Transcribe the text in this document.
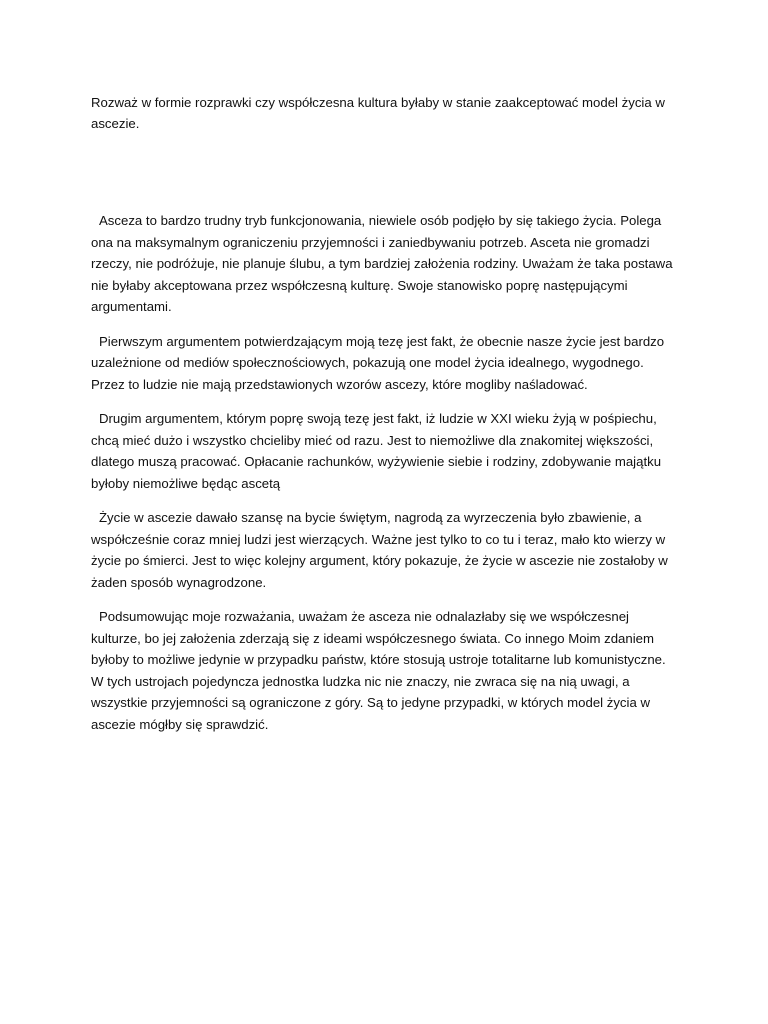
Rozważ w formie rozprawki czy współczesna kultura byłaby w stanie zaakceptować model życia w ascezie.

Asceza to bardzo trudny tryb funkcjonowania, niewiele osób podjęło by się takiego życia. Polega ona na maksymalnym ograniczeniu przyjemności i zaniedbywaniu potrzeb. Asceta nie gromadzi rzeczy, nie podróżuje, nie planuje ślubu, a tym bardziej założenia rodziny. Uważam że taka postawa nie byłaby akceptowana przez współczesną kulturę. Swoje stanowisko poprę następującymi argumentami.

Pierwszym argumentem potwierdzającym moją tezę jest fakt, że obecnie nasze życie jest bardzo uzależnione od mediów społecznościowych, pokazują one model życia idealnego, wygodnego. Przez to ludzie nie mają przedstawionych wzorów ascezy, które mogliby naśladować.

Drugim argumentem, którym poprę swoją tezę jest fakt, iż ludzie w XXI wieku żyją w pośpiechu, chcą mieć dużo i wszystko chcieliby mieć od razu. Jest to niemożliwe dla znakomitej większości, dlatego muszą pracować. Opłacanie rachunków, wyżywienie siebie i rodziny, zdobywanie majątku byłoby niemożliwe będąc ascetą

Życie w ascezie dawało szansę na bycie świętym, nagrodą za wyrzeczenia było zbawienie, a współcześnie coraz mniej ludzi jest wierzących. Ważne jest tylko to co tu i teraz, mało kto wierzy w życie po śmierci. Jest to więc kolejny argument, który pokazuje, że życie w ascezie nie zostałoby w żaden sposób wynagrodzone.

Podsumowując moje rozważania, uważam że asceza nie odnalazłaby się we współczesnej kulturze, bo jej założenia zderzają się z ideami współczesnego świata. Co innego Moim zdaniem byłoby to możliwe jedynie w przypadku państw, które stosują ustroje totalitarne lub komunistyczne. W tych ustrojach pojedyncza jednostka ludzka nic nie znaczy, nie zwraca się na nią uwagi, a wszystkie przyjemności są ograniczone z góry. Są to jedyne przypadki, w których model życia w ascezie mógłby się sprawdzić.
